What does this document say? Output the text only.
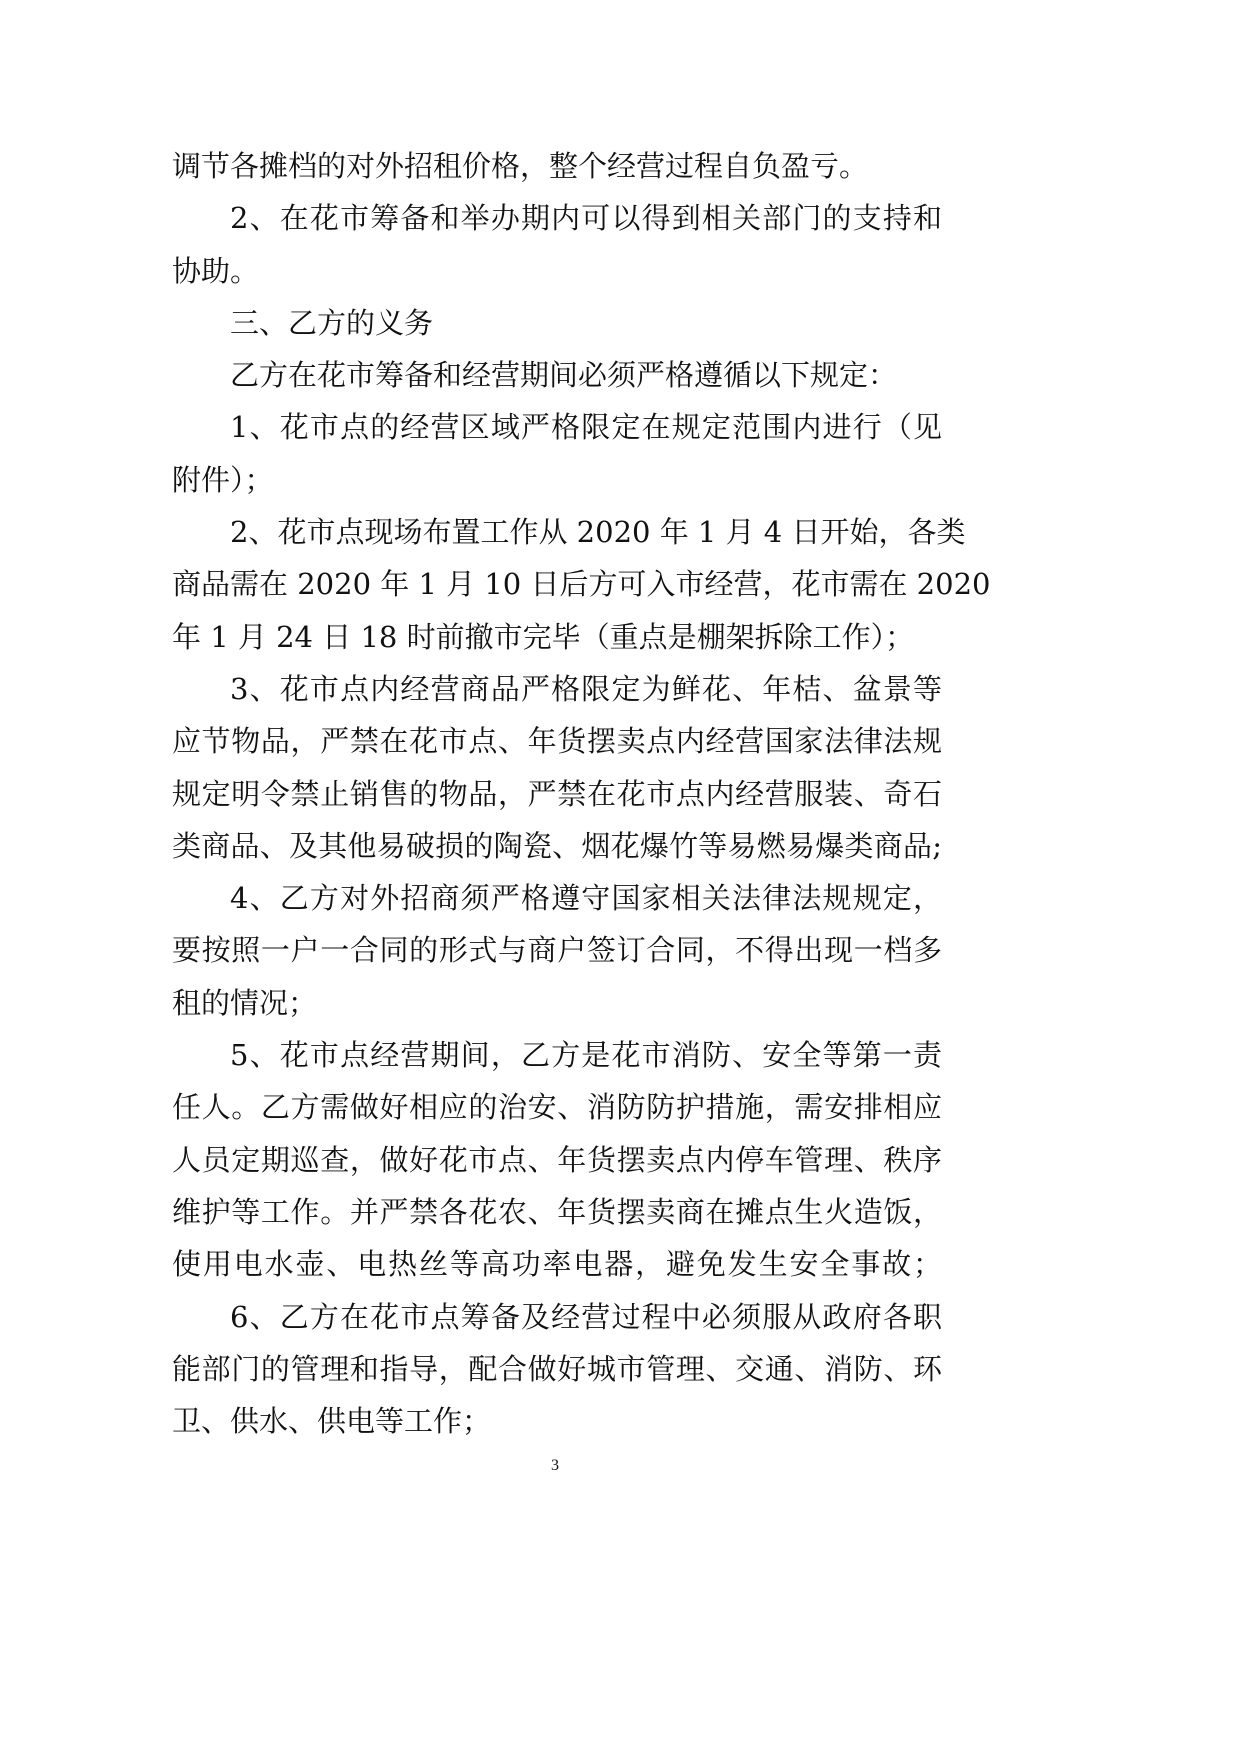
调节各摊档的对外招租价格，整个经营过程自负盈亏。
2、在花市筹备和举办期内可以得到相关部门的支持和
协助。
三、乙方的义务
乙方在花市筹备和经营期间必须严格遵循以下规定：
1、花市点的经营区域严格限定在规定范围内进行（见
附件）；
2、花市点现场布置工作从 2020 年 1 月 4 日开始，各类
商品需在 2020 年 1 月 10 日后方可入市经营，花市需在 2020
年 1 月 24 日 18 时前撤市完毕（重点是棚架拆除工作）；
3、花市点内经营商品严格限定为鲜花、年桔、盆景等
应节物品，严禁在花市点、年货摆卖点内经营国家法律法规
规定明令禁止销售的物品，严禁在花市点内经营服装、奇石
类商品、及其他易破损的陶瓷、烟花爆竹等易燃易爆类商品;
4、乙方对外招商须严格遵守国家相关法律法规规定，
要按照一户一合同的形式与商户签订合同，不得出现一档多
租的情况；
5、花市点经营期间，乙方是花市消防、安全等第一责
任人。乙方需做好相应的治安、消防防护措施，需安排相应
人员定期巡查，做好花市点、年货摆卖点内停车管理、秩序
维护等工作。并严禁各花农、年货摆卖商在摊点生火造饭，
使用电水壶、电热丝等高功率电器，避免发生安全事故；
6、乙方在花市点筹备及经营过程中必须服从政府各职
能部门的管理和指导，配合做好城市管理、交通、消防、环
卫、供水、供电等工作；
3
